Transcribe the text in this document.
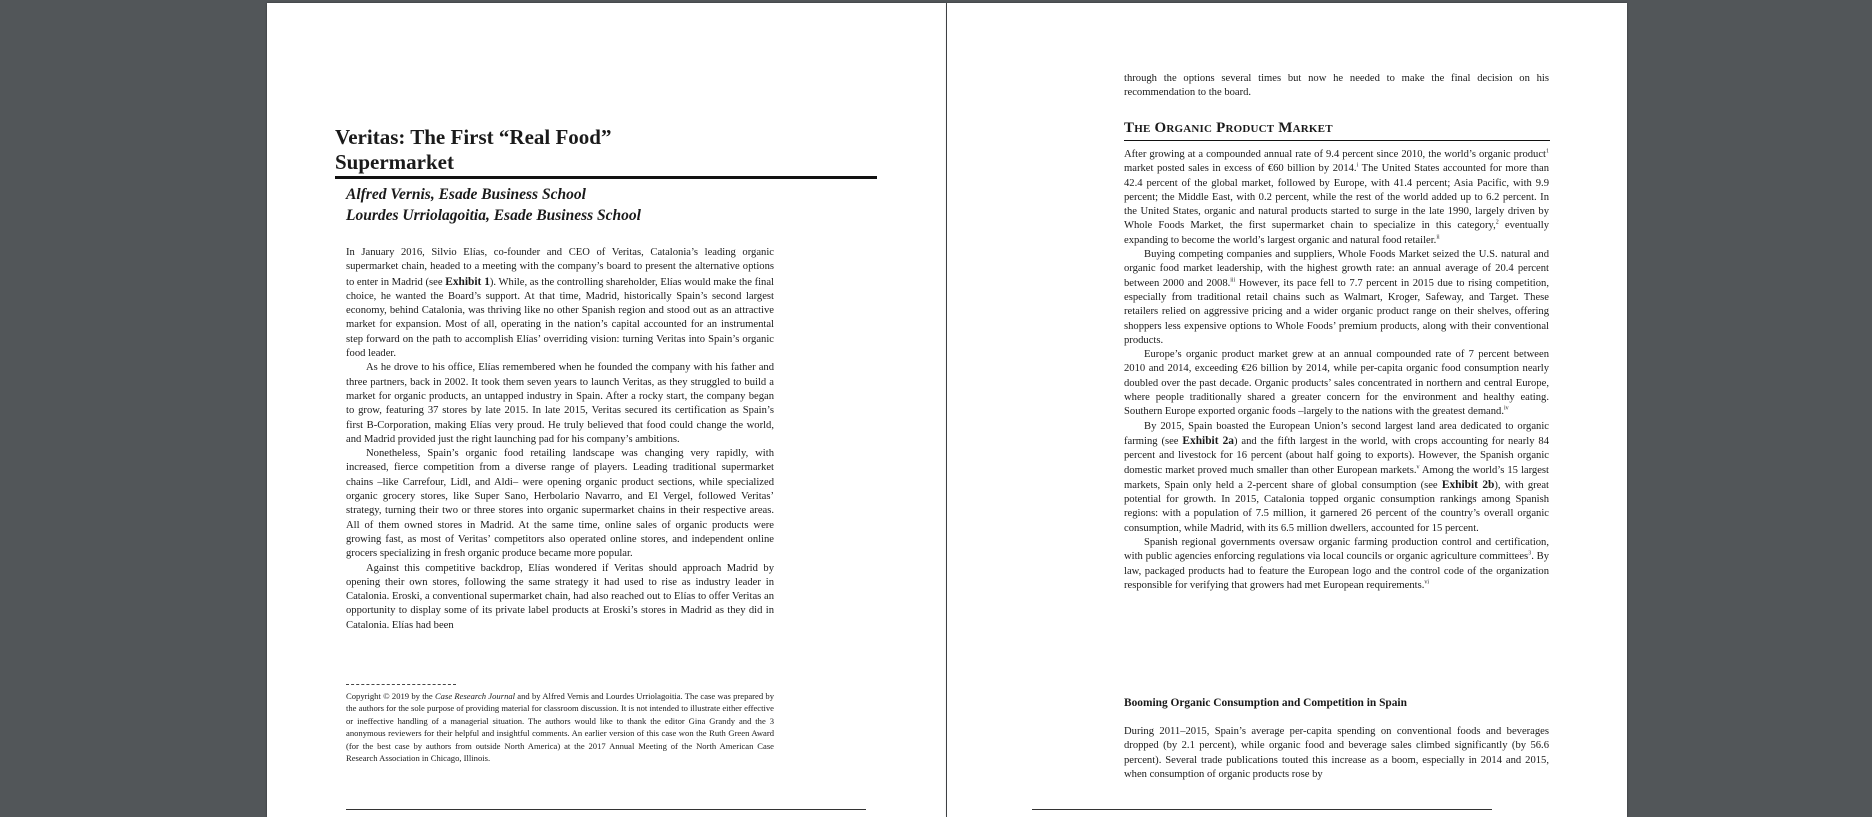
Veritas: The First “Real Food”
Supermarket

Alfred Vernis, Esade Business School

Lourdes Urriolagoitia, Esade Business School

In January 2016, Silvio Elías, co-founder and CEO of Veritas, Catalonia’s leading organic supermarket chain, headed to a meeting with the company’s board to present the alternative options to enter in Madrid (see Exhibit 1). While, as the controlling shareholder, Elías would make the final choice, he wanted the Board’s support. At that time, Madrid, historically Spain’s second largest economy, behind Catalonia, was thriving like no other Spanish region and stood out as an attractive market for expansion. Most of all, operating in the nation’s capital accounted for an instrumental step forward on the path to accomplish Elías’ overriding vision: turning Veritas into Spain’s organic food leader.

As he drove to his office, Elías remembered when he founded the company with his father and three partners, back in 2002. It took them seven years to launch Veritas, as they struggled to build a market for organic products, an untapped industry in Spain. After a rocky start, the company began to grow, featuring 37 stores by late 2015. In late 2015, Veritas secured its certification as Spain’s first B-Corporation, making Elías very proud. He truly believed that food could change the world, and Madrid provided just the right launching pad for his company’s ambitions.

Nonetheless, Spain’s organic food retailing landscape was changing very rapidly, with increased, fierce competition from a diverse range of players. Leading traditional supermarket chains –like Carrefour, Lidl, and Aldi– were opening organic product sections, while specialized organic grocery stores, like Super Sano, Herbolario Navarro, and El Vergel, followed Veritas’ strategy, turning their two or three stores into organic supermarket chains in their respective areas. All of them owned stores in Madrid. At the same time, online sales of organic products were growing fast, as most of Veritas’ competitors also operated online stores, and independent online grocers specializing in fresh organic produce became more popular.

Against this competitive backdrop, Elías wondered if Veritas should approach Madrid by opening their own stores, following the same strategy it had used to rise as industry leader in Catalonia. Eroski, a conventional supermarket chain, had also reached out to Elías to offer Veritas an opportunity to display some of its private label products at Eroski’s stores in Madrid as they did in Catalonia. Elías had been

Copyright © 2019 by the Case Research Journal and by Alfred Vernis and Lourdes Urriolagoitia. The case was prepared by the authors for the sole purpose of providing material for classroom discussion. It is not intended to illustrate either effective or ineffective handling of a managerial situation. The authors would like to thank the editor Gina Grandy and the 3 anonymous reviewers for their helpful and insightful comments. An earlier version of this case won the Ruth Green Award (for the best case by authors from outside North America) at the 2017 Annual Meeting of the North American Case Research Association in Chicago, Illinois.

through the options several times but now he needed to make the final decision on his recommendation to the board.

The Organic Product Market

After growing at a compounded annual rate of 9.4 percent since 2010, the world’s organic product$^1$ market posted sales in excess of €60 billion by 2014.$^i$ The United States accounted for more than 42.4 percent of the global market, followed by Europe, with 41.4 percent; Asia Pacific, with 9.9 percent; the Middle East, with 0.2 percent, while the rest of the world added up to 6.2 percent. In the United States, organic and natural products started to surge in the late 1990, largely driven by Whole Foods Market, the first supermarket chain to specialize in this category,$^2$ eventually expanding to become the world’s largest organic and natural food retailer.$^{ii}$

Buying competing companies and suppliers, Whole Foods Market seized the U.S. natural and organic food market leadership, with the highest growth rate: an annual average of 20.4 percent between 2000 and 2008.$^{iii}$ However, its pace fell to 7.7 percent in 2015 due to rising competition, especially from traditional retail chains such as Walmart, Kroger, Safeway, and Target. These retailers relied on aggressive pricing and a wider organic product range on their shelves, offering shoppers less expensive options to Whole Foods’ premium products, along with their conventional products.

Europe’s organic product market grew at an annual compounded rate of 7 percent between 2010 and 2014, exceeding €26 billion by 2014, while per-capita organic food consumption nearly doubled over the past decade. Organic products’ sales concentrated in northern and central Europe, where people traditionally shared a greater concern for the environment and healthy eating. Southern Europe exported organic foods –largely to the nations with the greatest demand.$^{iv}$

By 2015, Spain boasted the European Union’s second largest land area dedicated to organic farming (see Exhibit 2a) and the fifth largest in the world, with crops accounting for nearly 84 percent and livestock for 16 percent (about half going to exports). However, the Spanish organic domestic market proved much smaller than other European markets.$^v$ Among the world’s 15 largest markets, Spain only held a 2-percent share of global consumption (see Exhibit 2b), with great potential for growth. In 2015, Catalonia topped organic consumption rankings among Spanish regions: with a population of 7.5 million, it garnered 26 percent of the country’s overall organic consumption, while Madrid, with its 6.5 million dwellers, accounted for 15 percent.

Spanish regional governments oversaw organic farming production control and certification, with public agencies enforcing regulations via local councils or organic agriculture committees$^3$. By law, packaged products had to feature the European logo and the control code of the organization responsible for verifying that growers had met European requirements.$^{vi}$

Booming Organic Consumption and Competition in Spain

During 2011–2015, Spain’s average per-capita spending on conventional foods and beverages dropped (by 2.1 percent), while organic food and beverage sales climbed significantly (by 56.6 percent). Several trade publications touted this increase as a boom, especially in 2014 and 2015, when consumption of organic products rose by
